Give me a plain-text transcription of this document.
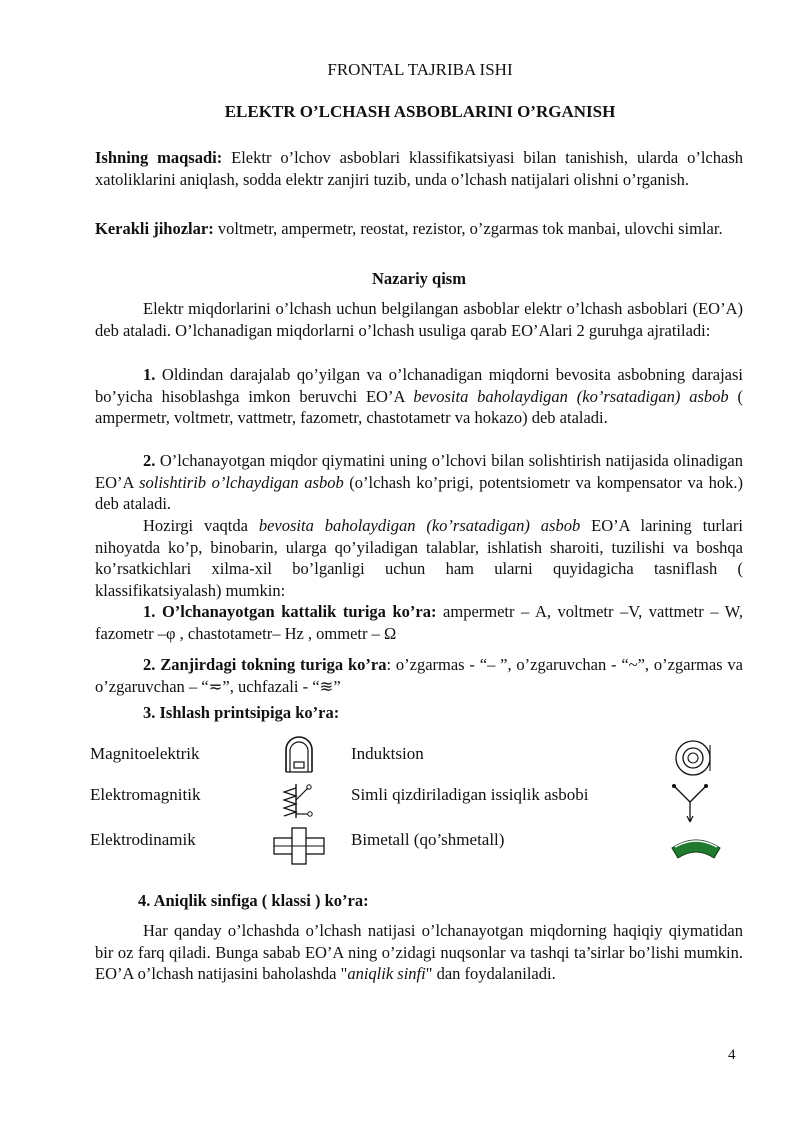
FRONTAL TAJRIBA ISHI
ELEKTR O’LCHASH ASBOBLARINI O’RGANISH
Ishning maqsadi: Elektr o’lchov asboblari klassifikatsiyasi bilan tanishish, ularda o’lchash xatoliklarini aniqlash, sodda elektr zanjiri tuzib, unda o’lchash natijalari olishni o’rganish.
Kerakli jihozlar: voltmetr, ampermetr, reostat, rezistor, o’zgarmas tok manbai, ulovchi simlar.
Nazariy qism
Elektr miqdorlarini o’lchash uchun belgilangan asboblar elektr o’lchash asboblari (EO’A) deb ataladi. O’lchanadigan miqdorlarni o’lchash usuliga qarab EO’Alari 2 guruhga ajratiladi:
1. Oldindan darajalab qo’yilgan va o’lchanadigan miqdorni bevosita asbobning darajasi bo’yicha hisoblashga imkon beruvchi EO’A bevosita baholaydigan (ko’rsatadigan) asbob ( ampermetr, voltmetr, vattmetr, fazometr, chastotametr va hokazo) deb ataladi.
2. O’lchanayotgan miqdor qiymatini uning o’lchovi bilan solishtirish natijasida olinadigan EO’A solishtirib o’lchaydigan asbob (o’lchash ko’prigi, potentsiometr va kompensator va hok.) deb ataladi.
Hozirgi vaqtda bevosita baholaydigan (ko’rsatadigan) asbob EO’A larining turlari nihoyatda ko’p, binobarin, ularga qo’yiladigan talablar, ishlatish sharoiti, tuzilishi va boshqa ko’rsatkichlari xilma-xil bo’lganligi uchun ham ularni quyidagicha tasniflash ( klassifikatsiyalash) mumkin:
1. O’lchanayotgan kattalik turiga ko’ra: ampermetr – A, voltmetr –V, vattmetr – W, fazometr –φ , chastotametr– Hz , ommetr – Ω
2. Zanjirdagi tokning turiga ko’ra: o’zgarmas - “– ”, o’zgaruvchan - “~”, o’zgarmas va o’zgaruvchan – “≂”, uchfazali - “≋”
3. Ishlash printsipiga ko’ra:
Magnitoelektrik
Elektromagnitik
Elektrodinamik
Induktsion
Simli qizdiriladigan issiqlik asbobi
Bimetall (qo’shmetall)
4. Aniqlik sinfiga ( klassi ) ko’ra:
Har qanday o’lchashda o’lchash natijasi o’lchanayotgan miqdorning haqiqiy qiymatidan bir oz farq qiladi. Bunga sabab EO’A ning o’zidagi nuqsonlar va tashqi ta’sirlar bo’lishi mumkin. EO’A o’lchash natijasini baholashda "aniqlik sinfi" dan foydalaniladi.
4
